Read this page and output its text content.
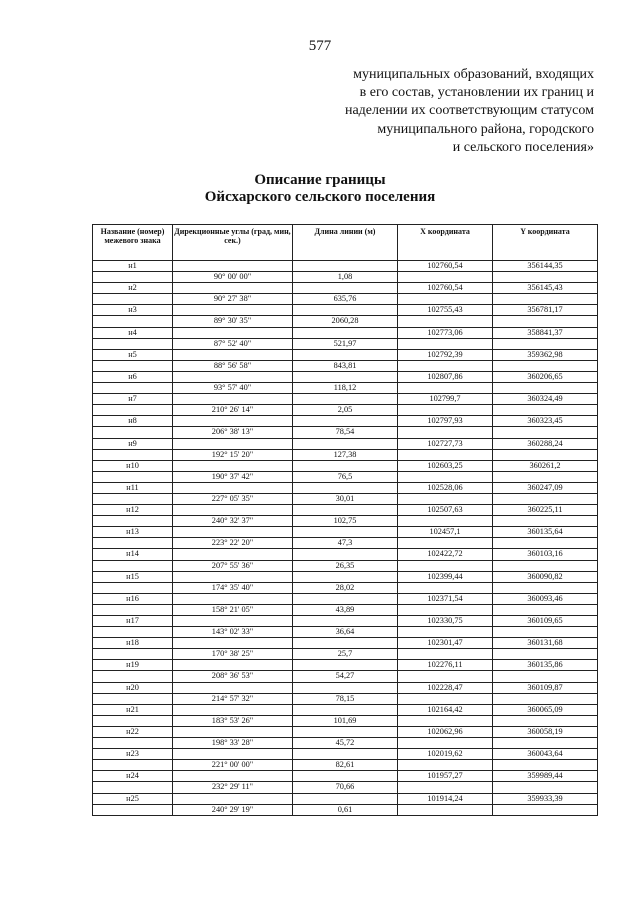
577
муниципальных образований, входящих
в его состав, установлении их границ и
наделении их соответствующим статусом
муниципального района, городского
и сельского поселения»
Описание границы
Ойсхарского сельского поселения
Название (номер) межевого знака	Дирекционные углы (град, мин, сек.)	Длина линии (м)	X координата	Y координата
н1			102760,54	356144,35
	90° 00' 00"	1,08		
н2			102760,54	356145,43
	90° 27' 38"	635,76		
н3			102755,43	356781,17
	89° 30' 35"	2060,28		
н4			102773,06	358841,37
	87° 52' 40"	521,97		
н5			102792,39	359362,98
	88° 56' 58"	843,81		
н6			102807,86	360206,65
	93° 57' 40"	118,12		
н7			102799,7	360324,49
	210° 26' 14"	2,05		
н8			102797,93	360323,45
	206° 38' 13"	78,54		
н9			102727,73	360288,24
	192° 15' 20"	127,38		
н10			102603,25	360261,2
	190° 37' 42"	76,5		
н11			102528,06	360247,09
	227° 05' 35"	30,01		
н12			102507,63	360225,11
	240° 32' 37"	102,75		
н13			102457,1	360135,64
	223° 22' 20"	47,3		
н14			102422,72	360103,16
	207° 55' 36"	26,35		
н15			102399,44	360090,82
	174° 35' 40"	28,02		
н16			102371,54	360093,46
	158° 21' 05"	43,89		
н17			102330,75	360109,65
	143° 02' 33"	36,64		
н18			102301,47	360131,68
	170° 38' 25"	25,7		
н19			102276,11	360135,86
	208° 36' 53"	54,27		
н20			102228,47	360109,87
	214° 57' 32"	78,15		
н21			102164,42	360065,09
	183° 53' 26"	101,69		
н22			102062,96	360058,19
	198° 33' 28"	45,72		
н23			102019,62	360043,64
	221° 00' 00"	82,61		
н24			101957,27	359989,44
	232° 29' 11"	70,66		
н25			101914,24	359933,39
	240° 29' 19"	0,61		
